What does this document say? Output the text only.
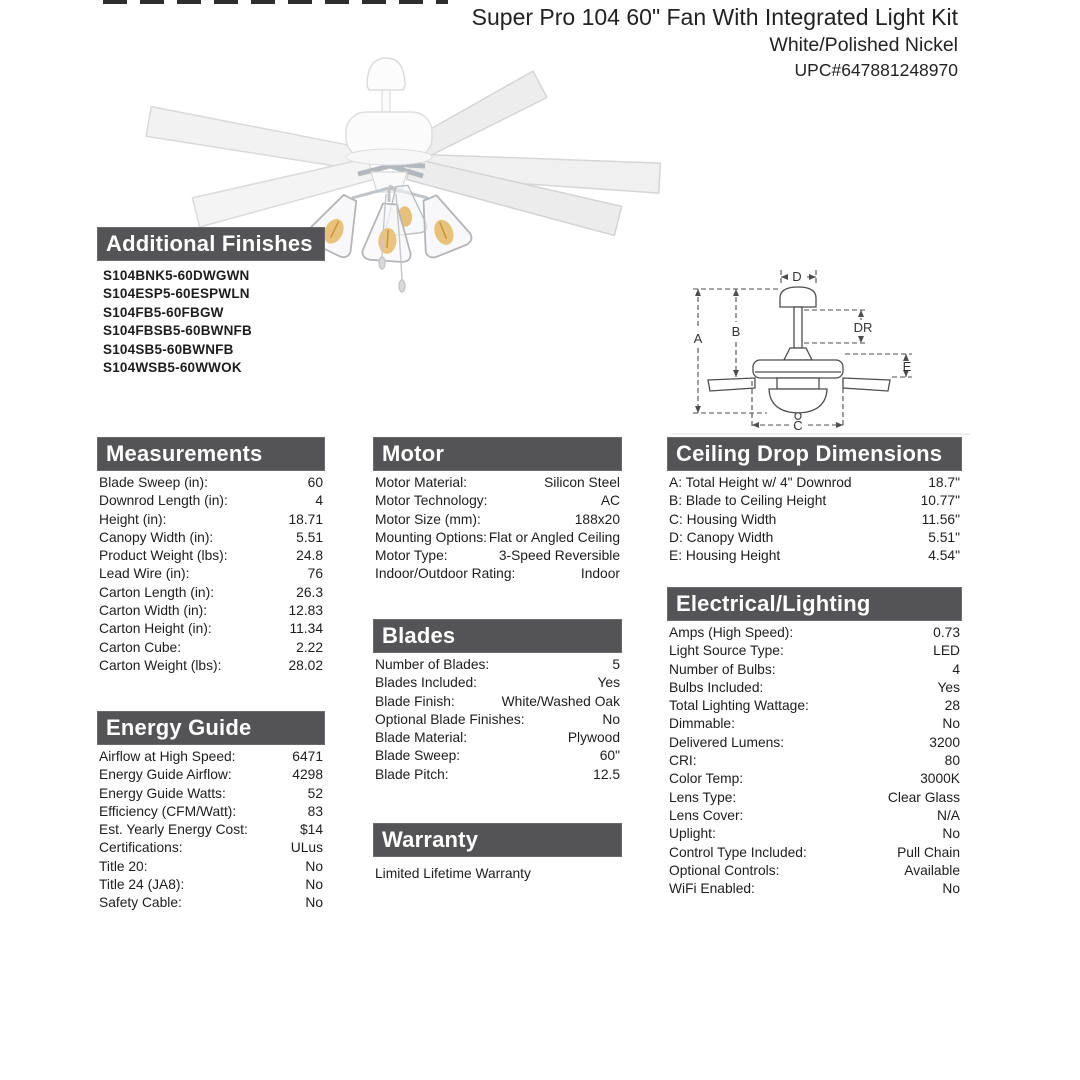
Super Pro 104 60" Fan With Integrated Light Kit
White/Polished Nickel
UPC#647881248970
D
A B	DR
E
C
Additional Finishes
S104BNK5-60DWGWN
S104ESP5-60ESPWLN
S104FB5-60FBGW
S104FBSB5-60BWNFB
S104SB5-60BWNFB
S104WSB5-60WWOK
Measurements
Blade Sweep (in):	60
Downrod Length (in):	4
Height (in):	18.71
Canopy Width (in):	5.51
Product Weight (lbs):	24.8
Lead Wire (in):	76
Carton Length (in):	26.3
Carton Width (in):	12.83
Carton Height (in):	11.34
Carton Cube:	2.22
Carton Weight (lbs):	28.02
Energy Guide
Airflow at High Speed:	6471
Energy Guide Airflow:	4298
Energy Guide Watts:	52
Efficiency (CFM/Watt):	83
Est. Yearly Energy Cost:	$14
Certifications:	ULus
Title 20:	No
Title 24 (JA8):	No
Safety Cable:	No
Motor
Motor Material:	Silicon Steel
Motor Technology:	AC
Motor Size (mm):	188x20
Mounting Options: Flat or Angled Ceiling
Motor Type:	3-Speed Reversible
Indoor/Outdoor Rating:	Indoor
Blades
Number of Blades:	5
Blades Included:	Yes
Blade Finish:	White/Washed Oak
Optional Blade Finishes:	No
Blade Material:	Plywood
Blade Sweep:	60"
Blade Pitch:	12.5
Warranty
Limited Lifetime Warranty
Ceiling Drop Dimensions
A: Total Height w/ 4" Downrod	18.7"
B: Blade to Ceiling Height	10.77"
C: Housing Width	11.56"
D: Canopy Width	5.51"
E: Housing Height	4.54"
Electrical/Lighting
Amps (High Speed):	0.73
Light Source Type:	LED
Number of Bulbs:	4
Bulbs Included:	Yes
Total Lighting Wattage:	28
Dimmable:	No
Delivered Lumens:	3200
CRI:	80
Color Temp:	3000K
Lens Type:	Clear Glass
Lens Cover:	N/A
Uplight:	No
Control Type Included:	Pull Chain
Optional Controls:	Available
WiFi Enabled:	No
